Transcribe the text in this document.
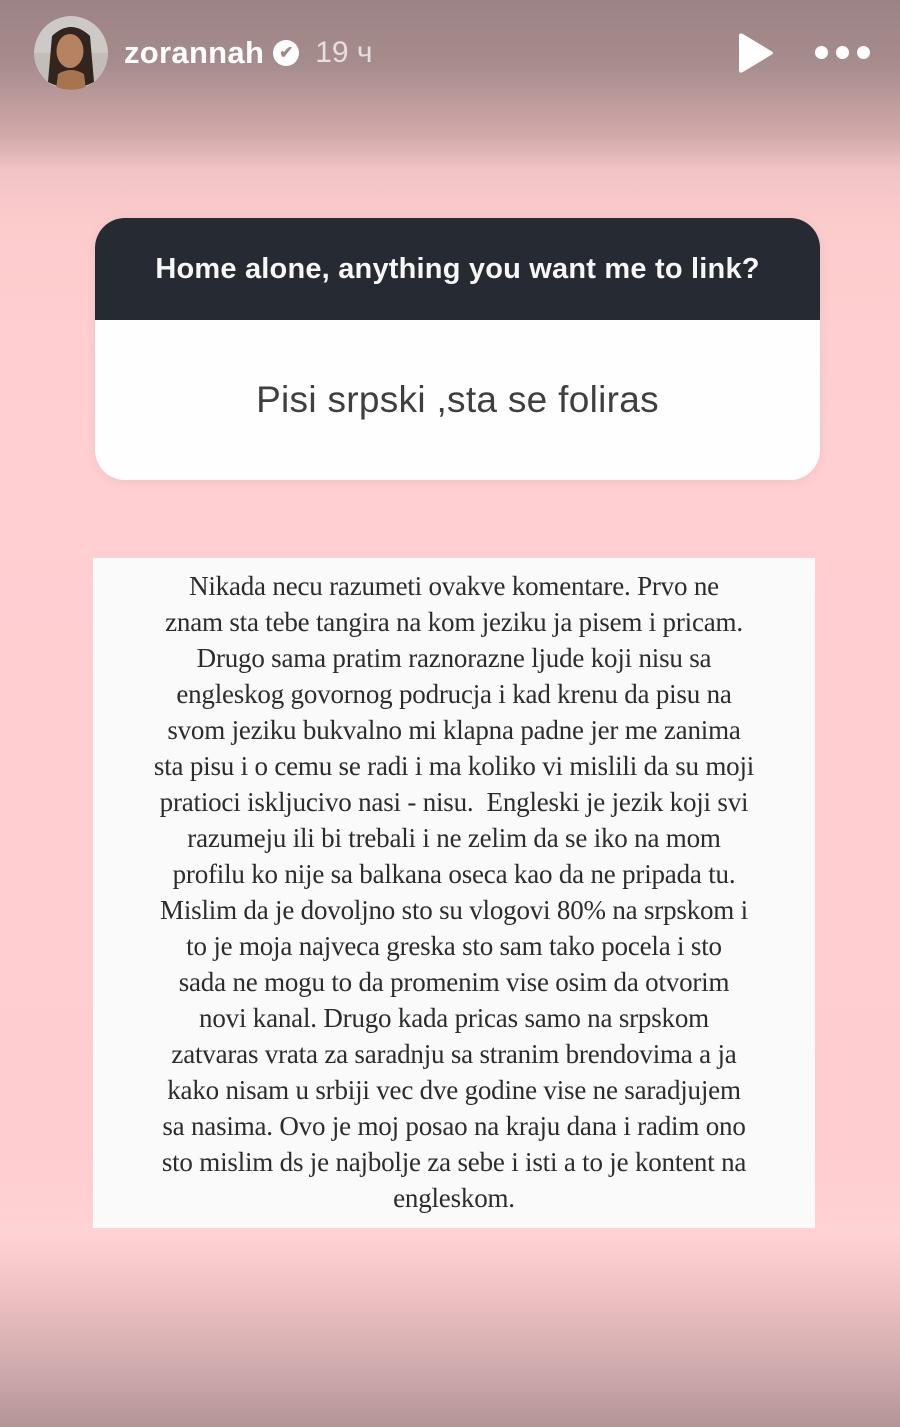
zorannah ✔ 19 ч
Home alone, anything you want me to link?
Pisi srpski ,sta se foliras
Nikada necu razumeti ovakve komentare. Prvo ne
znam sta tebe tangira na kom jeziku ja pisem i pricam.
Drugo sama pratim raznorazne ljude koji nisu sa
engleskog govornog podrucja i kad krenu da pisu na
svom jeziku bukvalno mi klapna padne jer me zanima
sta pisu i o cemu se radi i ma koliko vi mislili da su moji
pratioci iskljucivo nasi - nisu.  Engleski je jezik koji svi
razumeju ili bi trebali i ne zelim da se iko na mom
profilu ko nije sa balkana oseca kao da ne pripada tu.
Mislim da je dovoljno sto su vlogovi 80% na srpskom i
to je moja najveca greska sto sam tako pocela i sto
sada ne mogu to da promenim vise osim da otvorim
novi kanal. Drugo kada pricas samo na srpskom
zatvaras vrata za saradnju sa stranim brendovima a ja
kako nisam u srbiji vec dve godine vise ne saradjujem
sa nasima. Ovo je moj posao na kraju dana i radim ono
sto mislim ds je najbolje za sebe i isti a to je kontent na
engleskom.
